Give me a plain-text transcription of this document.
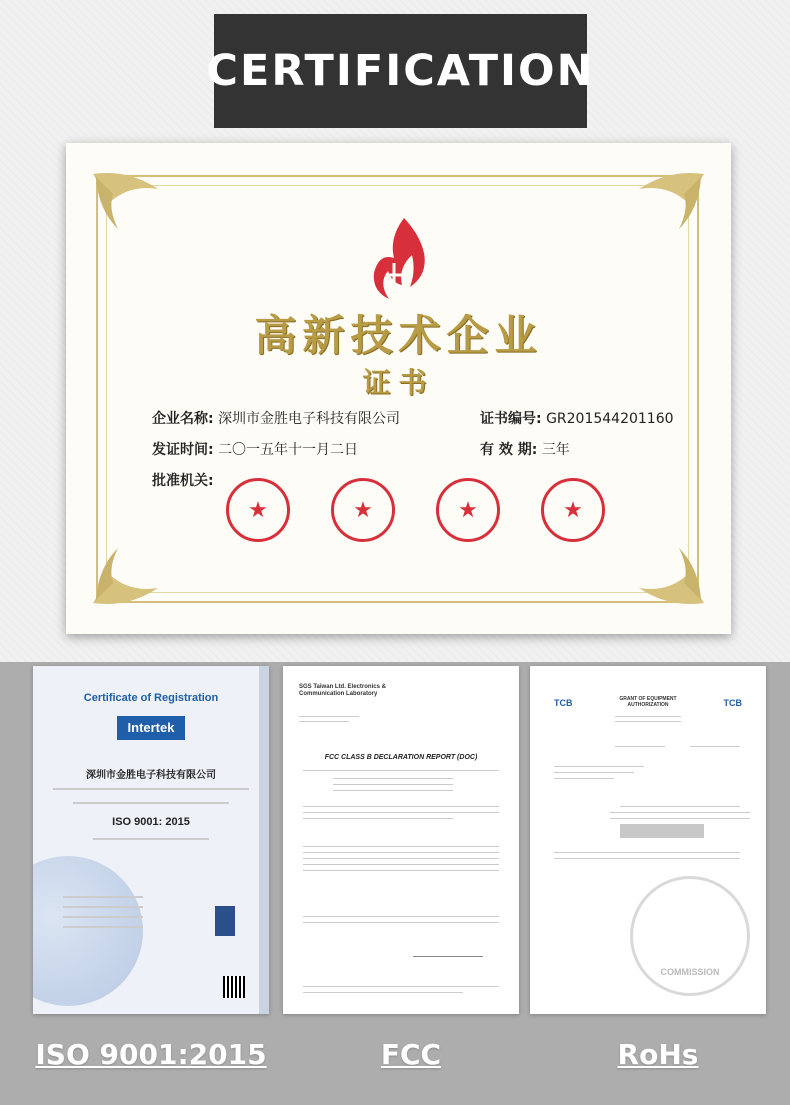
CERTIFICATION
高新技术企业
证书
企业名称: 深圳市金胜电子科技有限公司	证书编号: GR201544201160
发证时间: 二〇一五年十一月二日	有 效 期: 三年
批准机关:
★	★	★	★
Certificate of Registration
Intertek
深圳市金胜电子科技有限公司
ISO 9001: 2015
SGS Taiwan Ltd. Electronics & Communication Laboratory
FCC CLASS B DECLARATION REPORT (DOC)
TCB	TCB
GRANT OF EQUIPMENT AUTHORIZATION
COMMISSION
ISO 9001:2015	FCC	RoHs
